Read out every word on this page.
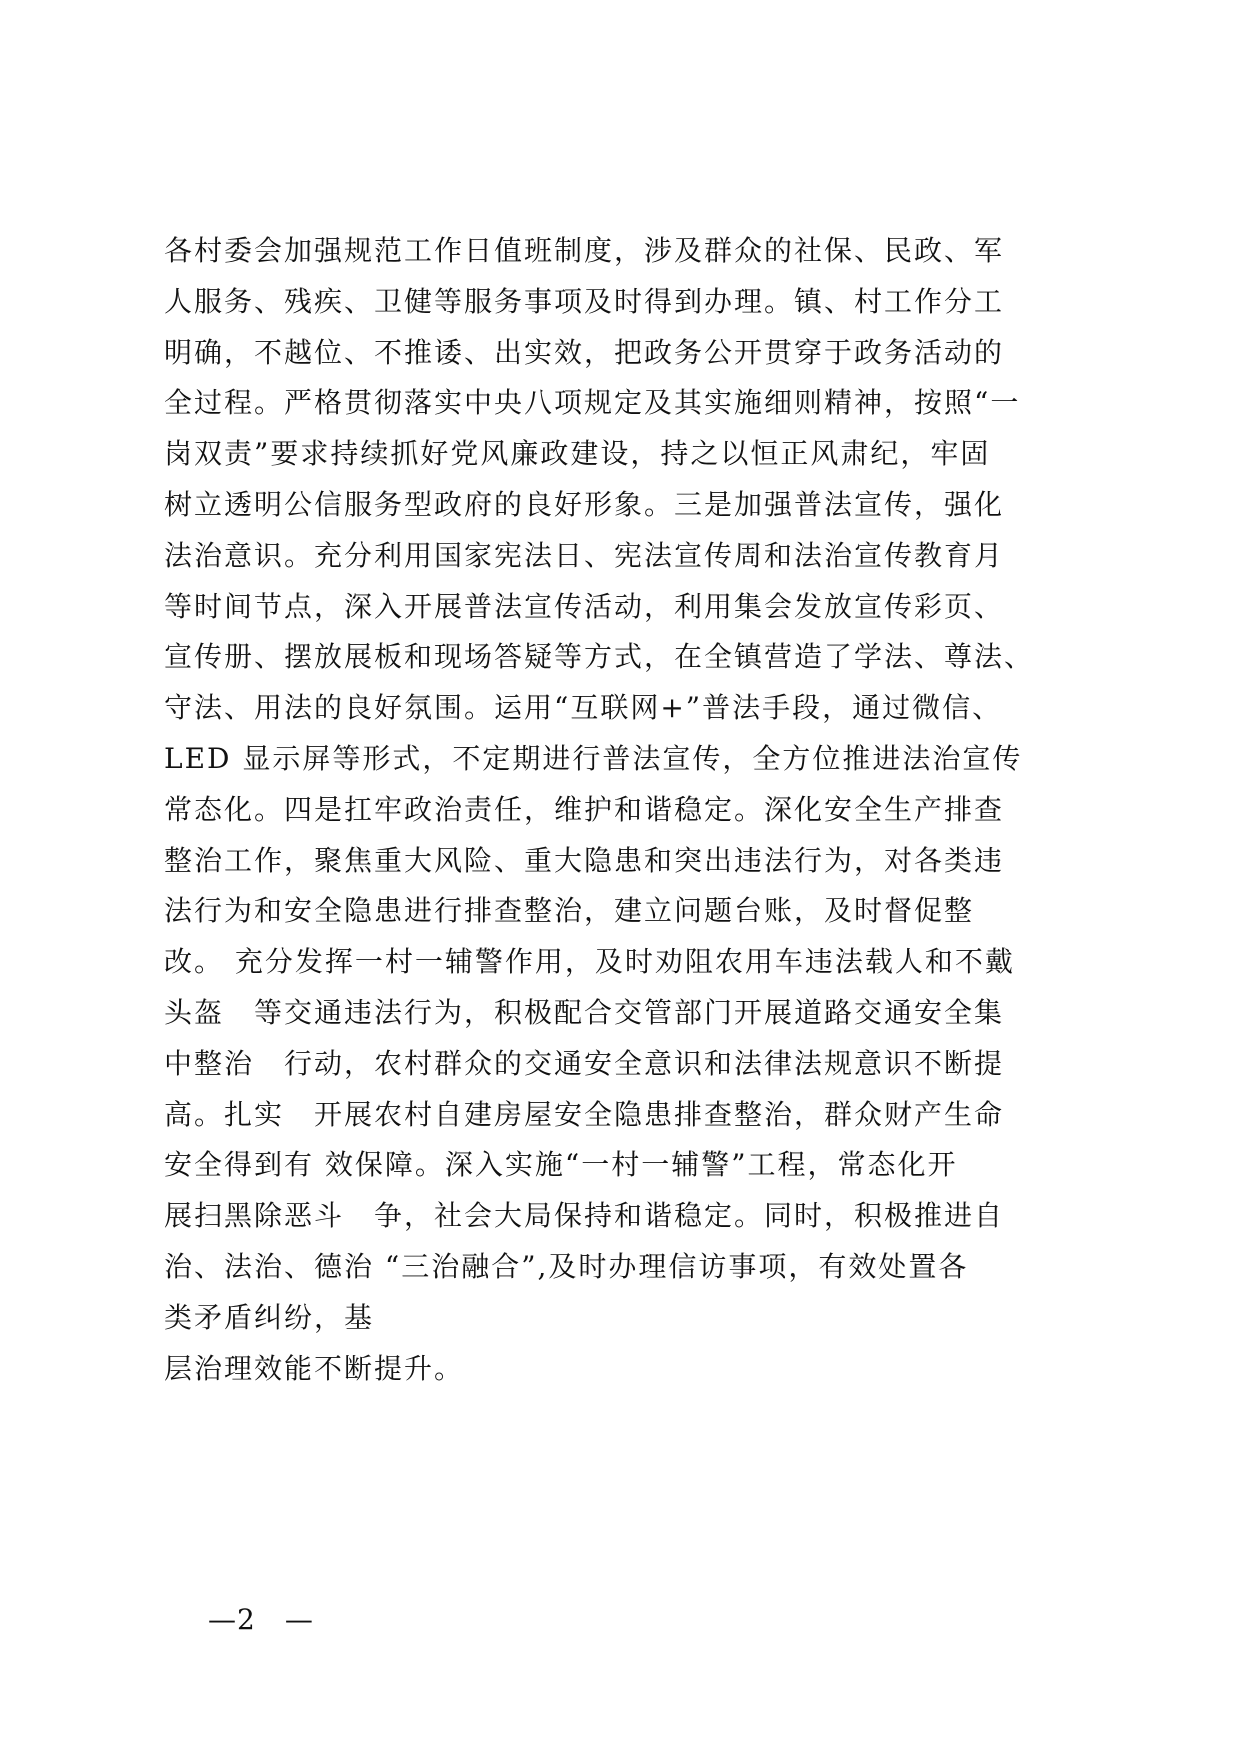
各村委会加强规范工作日值班制度，涉及群众的社保、民政、军
人服务、残疾、卫健等服务事项及时得到办理。镇、村工作分工
明确，不越位、不推诿、出实效，把政务公开贯穿于政务活动的
全过程。严格贯彻落实中央八项规定及其实施细则精神，按照“一
岗双责”要求持续抓好党风廉政建设，持之以恒正风肃纪，牢固
树立透明公信服务型政府的良好形象。三是加强普法宣传，强化
法治意识。充分利用国家宪法日、宪法宣传周和法治宣传教育月
等时间节点，深入开展普法宣传活动，利用集会发放宣传彩页、
宣传册、摆放展板和现场答疑等方式，在全镇营造了学法、尊法、
守法、用法的良好氛围。运用“互联网+”普法手段，通过微信、
LED 显示屏等形式，不定期进行普法宣传，全方位推进法治宣传
常态化。四是扛牢政治责任，维护和谐稳定。深化安全生产排查
整治工作，聚焦重大风险、重大隐患和突出违法行为，对各类违
法行为和安全隐患进行排查整治，建立问题台账，及时督促整
改。 充分发挥一村一辅警作用，及时劝阻农用车违法载人和不戴
头盔　等交通违法行为，积极配合交管部门开展道路交通安全集
中整治　行动，农村群众的交通安全意识和法律法规意识不断提
高。扎实　开展农村自建房屋安全隐患排查整治，群众财产生命
安全得到有 效保障。深入实施“一村一辅警”工程，常态化开
展扫黑除恶斗　争，社会大局保持和谐稳定。同时，积极推进自
治、法治、德治 “三治融合”,及时办理信访事项，有效处置各
类矛盾纠纷，基
层治理效能不断提升。
—2　—
